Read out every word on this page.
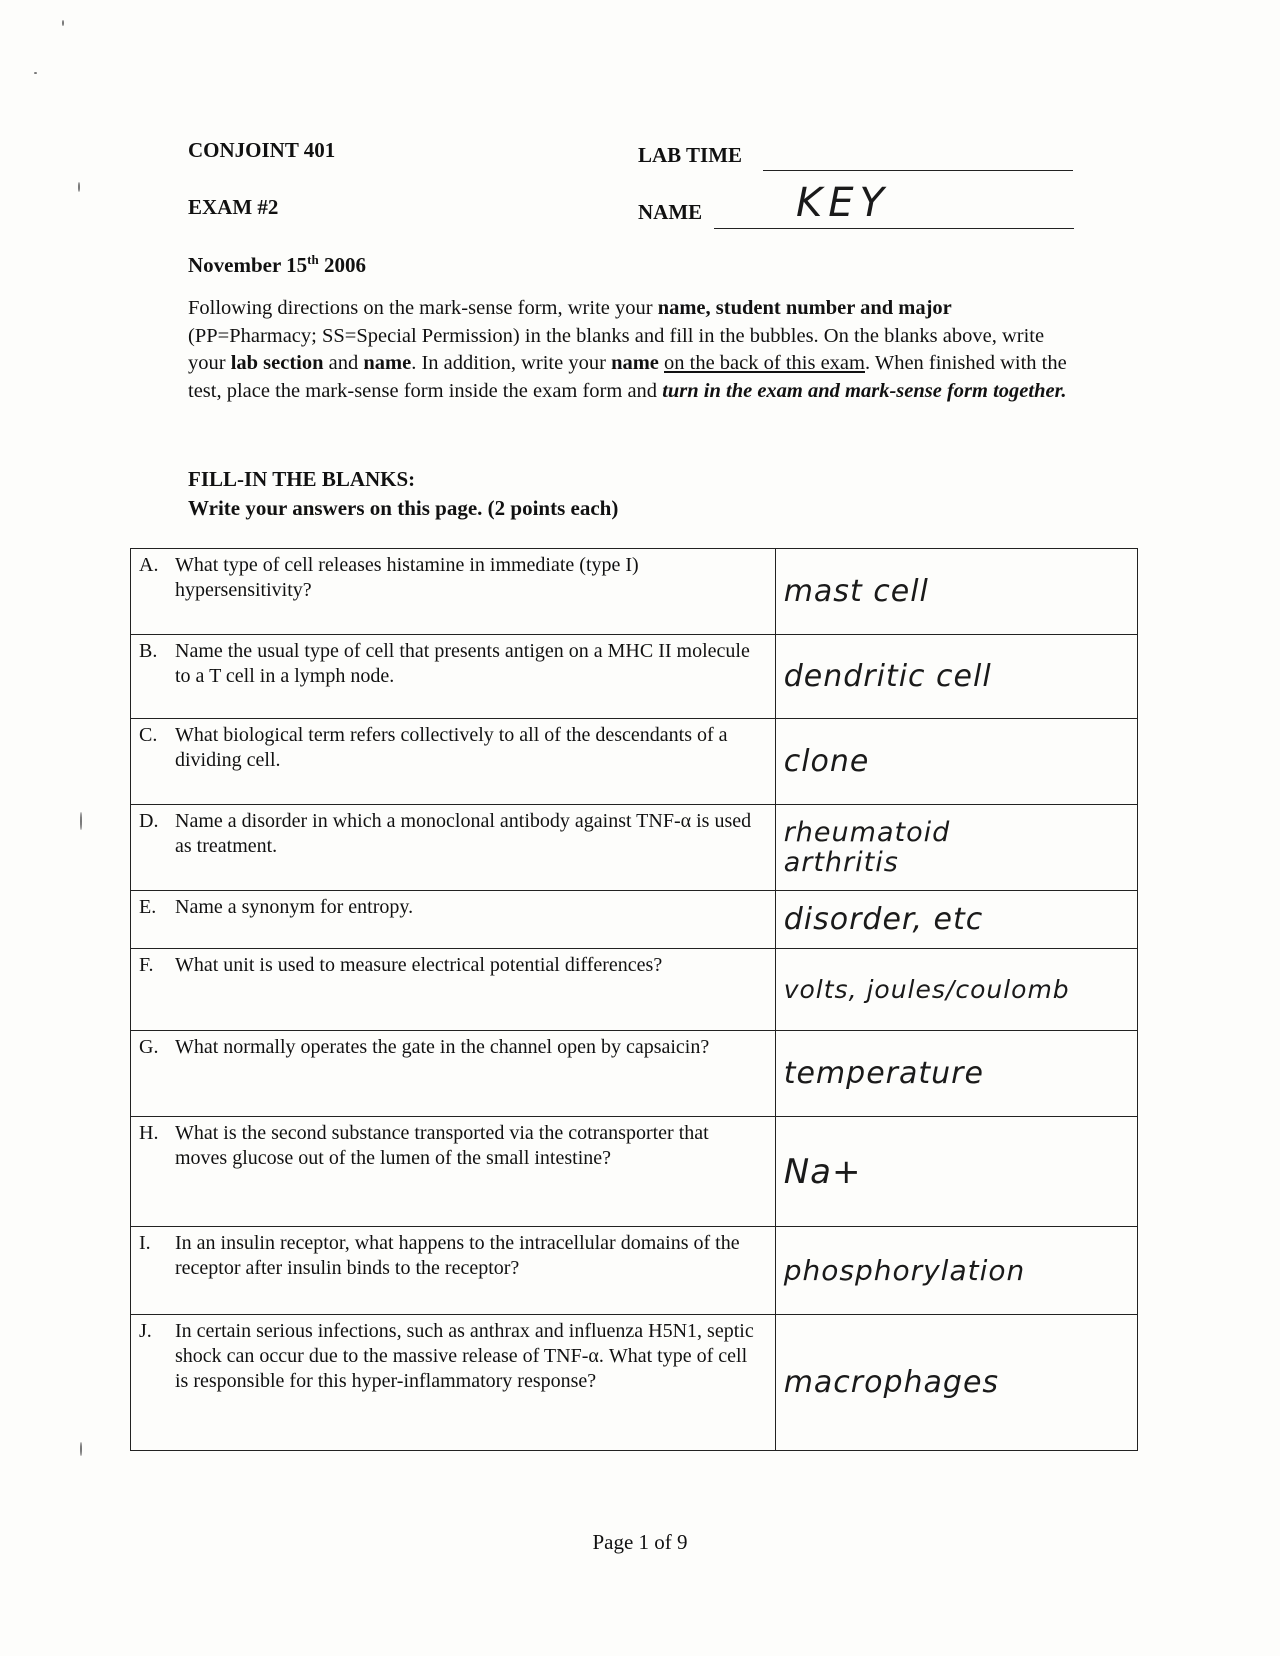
CONJOINT 401
EXAM #2
November 15th 2006
LAB TIME
NAME KEY
Following directions on the mark-sense form, write your name, student number and major (PP=Pharmacy; SS=Special Permission) in the blanks and fill in the bubbles. On the blanks above, write your lab section and name. In addition, write your name on the back of this exam. When finished with the test, place the mark-sense form inside the exam form and turn in the exam and mark-sense form together.
FILL-IN THE BLANKS:
Write your answers on this page. (2 points each)
A. What type of cell releases histamine in immediate (type I) hypersensitivity?	mast cell

B. Name the usual type of cell that presents antigen on a MHC II molecule to a T cell in a lymph node.	dendritic cell

C. What biological term refers collectively to all of the descendants of a dividing cell.	clone

D. Name a disorder in which a monoclonal antibody against TNF-α is used as treatment.	rheumatoid
arthritis

E. Name a synonym for entropy.	disorder, etc

F. What unit is used to measure electrical potential differences?	volts, joules/coulomb

G. What normally operates the gate in the channel open by capsaicin?	temperature

H. What is the second substance transported via the cotransporter that moves glucose out of the lumen of the small intestine?	Na+

I. In an insulin receptor, what happens to the intracellular domains of the receptor after insulin binds to the receptor?	phosphorylation

J. In certain serious infections, such as anthrax and influenza H5N1, septic shock can occur due to the massive release of TNF-α. What type of cell is responsible for this hyper-inflammatory response?	macrophages
Page 1 of 9
